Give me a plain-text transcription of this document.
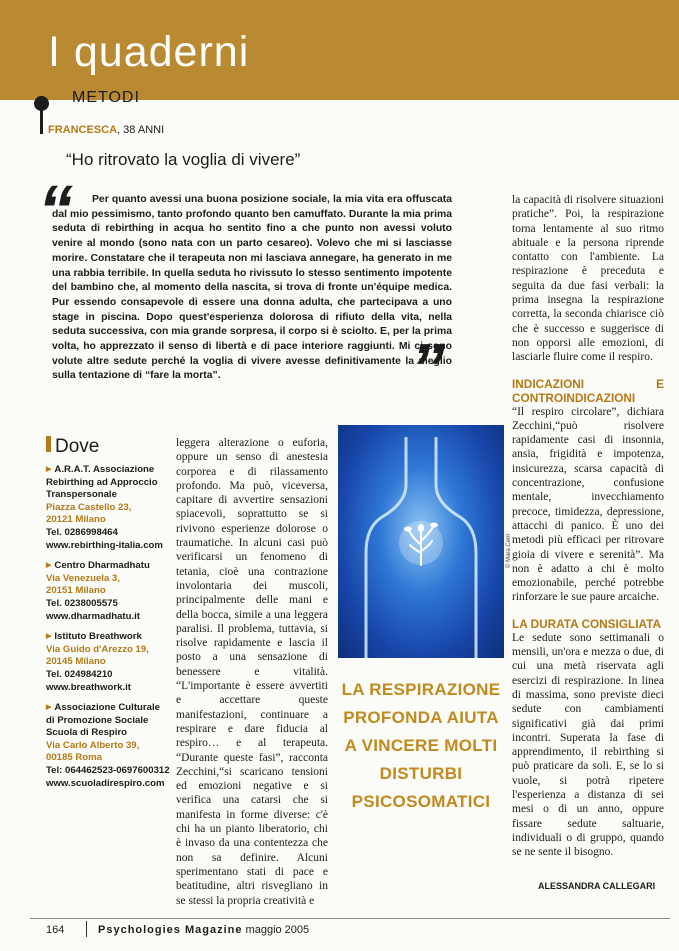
I quaderni
METODI
FRANCESCA, 38 ANNI
“Ho ritrovato la voglia di vivere”
“
”
Per quanto avessi una buona posizione sociale, la mia vita era offuscata dal mio pessimismo, tanto profondo quanto ben camuffato. Durante la mia prima seduta di rebirthing in acqua ho sentito fino a che punto non avessi voluto venire al mondo (sono nata con un parto cesareo). Volevo che mi si lasciasse morire. Constatare che il terapeuta non mi lasciava annegare, ha generato in me una rabbia terribile. In quella seduta ho rivissuto lo stesso sentimento impotente del bambino che, al momento della nascita, si trova di fronte un'équipe medica. Pur essendo consapevole di essere una donna adulta, che partecipava a uno stage in piscina. Dopo quest'esperienza dolorosa di rifiuto della vita, nella seduta successiva, con mia grande sorpresa, il corpo si è sciolto. E, per la prima volta, ho apprezzato il senso di libertà e di pace interiore raggiunti. Mi ci sono volute altre sedute perché la voglia di vivere avesse definitivamente la meglio sulla tentazione di “fare la morta”.

la capacità di risolvere situazioni pratiche”. Poi, la respirazione torna lentamente al suo ritmo abituale e la persona riprende contatto con l'ambiente. La respirazione è preceduta e seguita da due fasi verbali: la prima insegna la respirazione corretta, la seconda chiarisce ciò che è successo e suggerisce di non opporsi alle emozioni, di lasciarle fluire come il respiro.

INDICAZIONI E CONTROINDICAZIONI

“Il respiro circolare”, dichiara Zecchini,“può risolvere rapidamente casi di insonnia, ansia, frigidità e impotenza, insicurezza, scarsa capacità di concentrazione, confusione mentale, invecchiamento precoce, timidezza, depressione, attacchi di panico. È uno dei metodi più efficaci per ritrovare gioia di vivere e serenità”. Ma non è adatto a chi è molto emozionabile, perché potrebbe rinforzare le sue paure arcaiche.

LA DURATA CONSIGLIATA

Le sedute sono settimanali o mensili, un'ora e mezza o due, di cui una metà riservata agli esercizi di respirazione. In linea di massima, sono previste dieci sedute con cambiamenti significativi già dai primi incontri. Superata la fase di apprendimento, il rebirthing si può praticare da soli. E, se lo si vuole, si potrà ripetere l'esperienza a distanza di sei mesi o di un anno, oppure fissare sedute saltuarie, individuali o di gruppo, quando se ne sente il bisogno.

Dove
▶ A.R.A.T. Associazione Rebirthing ad Approccio Transpersonale
Piazza Castello 23,
20121 Milano
Tel. 0286998464
www.rebirthing-italia.com
▶ Centro Dharmadhatu
Via Venezuela 3,
20151 Milano
Tel. 0238005575
www.dharmadhatu.it
▶ Istituto Breathwork
Via Guido d'Arezzo 19,
20145 Milano
Tel. 024984210
www.breathwork.it
▶ Associazione Culturale di Promozione Sociale Scuola di Respiro
Via Carlo Alberto 39,
00185 Roma
Tel: 064462523-0697600312
www.scuoladirespiro.com

leggera alterazione o euforia, oppure un senso di anestesia corporea e di rilassamento profondo. Ma può, viceversa, capitare di avvertire sensazioni spiacevoli, soprattutto se si rivivono esperienze dolorose o traumatiche. In alcuni casi può verificarsi un fenomeno di tetania, cioè una contrazione involontaria dei muscoli, principalmente delle mani e della bocca, simile a una leggera paralisi. Il problema, tuttavia, si risolve rapidamente e lascia il posto a una sensazione di benessere e vitalità. “L'importante è essere avvertiti e accettare queste manifestazioni, continuare a respirare e dare fiducia al respiro… e al terapeuta. “Durante queste fasi”, racconta Zecchini,“si scaricano tensioni ed emozioni negative e si verifica una catarsi che si manifesta in forme diverse: c'è chi ha un pianto liberatorio, chi è invaso da una contentezza che non sa definire. Alcuni sperimentano stati di pace e beatitudine, altri risvegliano in se stessi la propria creatività e

© Mara Cerri
LA RESPIRAZIONE
PROFONDA AIUTA
A VINCERE MOLTI
DISTURBI
PSICOSOMATICI
ALESSANDRA CALLEGARI
164	Psychologies Magazine maggio 2005
